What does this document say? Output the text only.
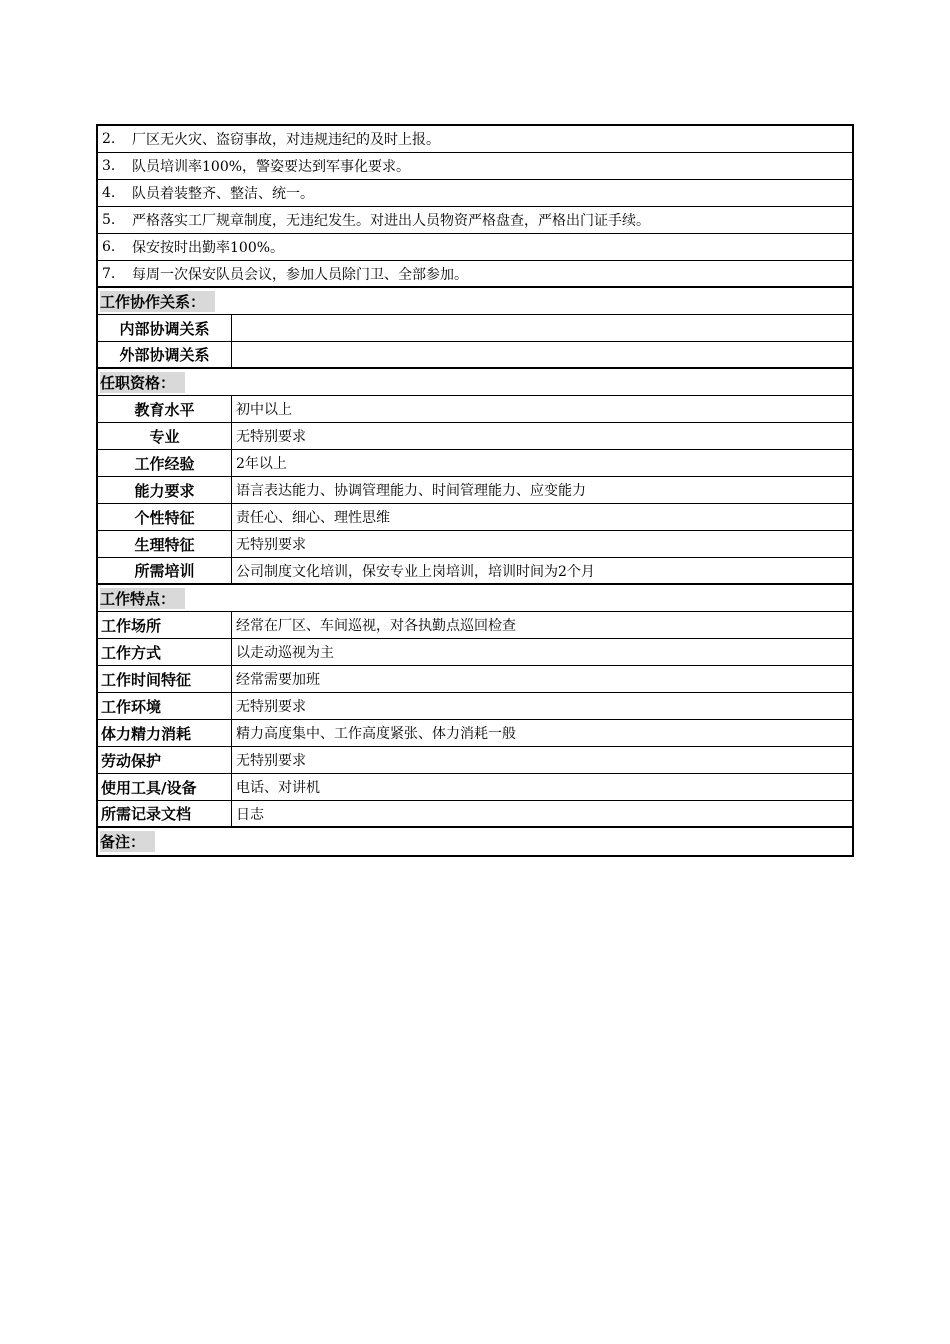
2.	厂区无火灾、盗窃事故，对违规违纪的及时上报。
3.	队员培训率100%，警姿要达到军事化要求。
4.	队员着装整齐、整洁、统一。
5.	严格落实工厂规章制度，无违纪发生。对进出人员物资严格盘查，严格出门证手续。
6.	保安按时出勤率100%。
7.	每周一次保安队员会议，参加人员除门卫、全部参加。
工作协作关系：
内部协调关系
外部协调关系
任职资格：
教育水平	初中以上
专业	无特别要求
工作经验	2年以上
能力要求	语言表达能力、协调管理能力、时间管理能力、应变能力
个性特征	责任心、细心、理性思维
生理特征	无特别要求
所需培训	公司制度文化培训，保安专业上岗培训，培训时间为2个月
工作特点：
工作场所	经常在厂区、车间巡视，对各执勤点巡回检查
工作方式	以走动巡视为主
工作时间特征	经常需要加班
工作环境	无特别要求
体力精力消耗	精力高度集中、工作高度紧张、体力消耗一般
劳动保护	无特别要求
使用工具/设备	电话、对讲机
所需记录文档	日志
备注：
